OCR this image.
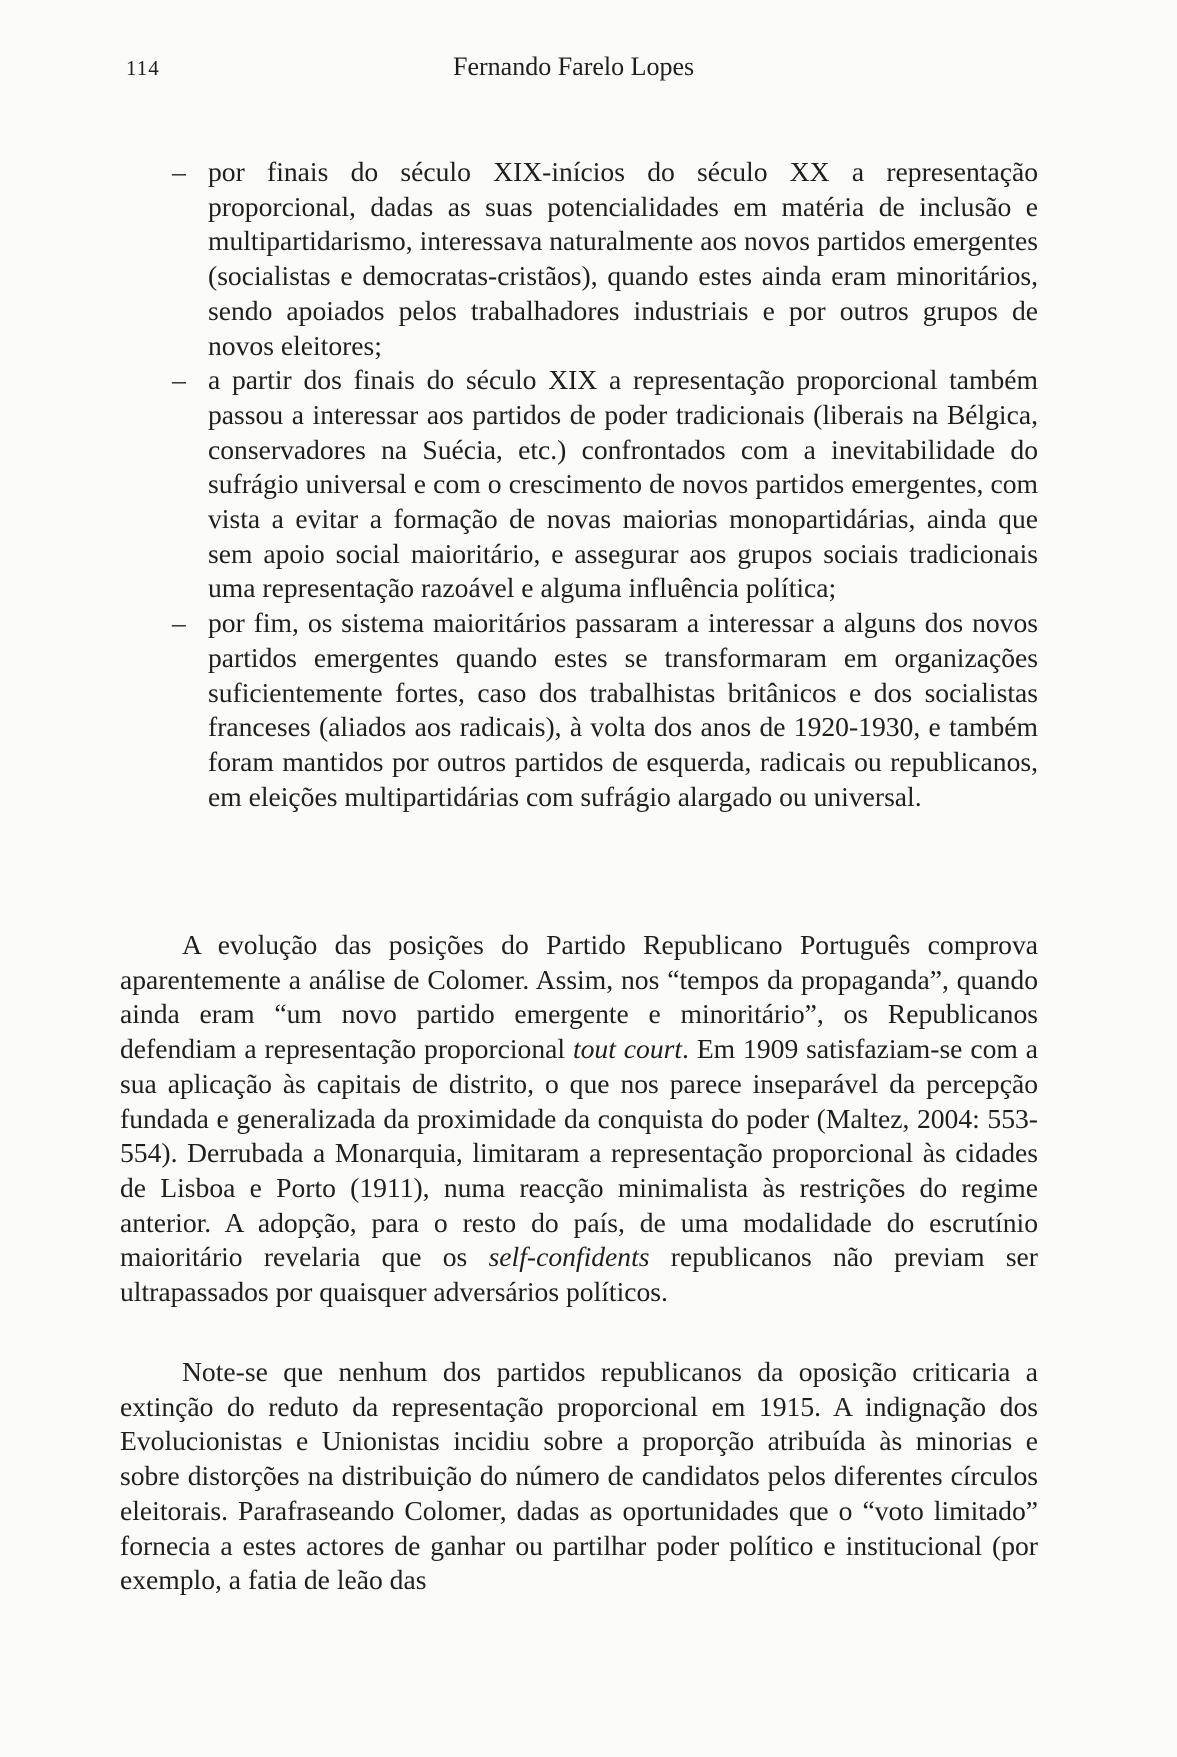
114	Fernando Farelo Lopes
– por finais do século XIX-inícios do século XX a representação proporcional, dadas as suas potencialidades em matéria de inclusão e multipartidarismo, interessava naturalmente aos novos partidos emergentes (socialistas e democratas-cristãos), quando estes ainda eram minoritários, sendo apoiados pelos trabalhadores industriais e por outros grupos de novos eleitores;
– a partir dos finais do século XIX a representação proporcional também passou a interessar aos partidos de poder tradicionais (liberais na Bélgica, conservadores na Suécia, etc.) confrontados com a inevitabilidade do sufrágio universal e com o crescimento de novos partidos emergentes, com vista a evitar a formação de novas maiorias monopartidárias, ainda que sem apoio social maioritário, e assegurar aos grupos sociais tradicionais uma representação razoável e alguma influência política;
– por fim, os sistema maioritários passaram a interessar a alguns dos novos partidos emergentes quando estes se transformaram em organizações suficientemente fortes, caso dos trabalhistas britânicos e dos socialistas franceses (aliados aos radicais), à volta dos anos de 1920-1930, e também foram mantidos por outros partidos de esquerda, radicais ou republicanos, em eleições multipartidárias com sufrágio alargado ou universal.
A evolução das posições do Partido Republicano Português comprova aparentemente a análise de Colomer. Assim, nos “tempos da propaganda”, quando ainda eram “um novo partido emergente e minoritário”, os Republicanos defendiam a representação proporcional tout court. Em 1909 satisfaziam-se com a sua aplicação às capitais de distrito, o que nos parece inseparável da percepção fundada e generalizada da proximidade da conquista do poder (Maltez, 2004: 553-554). Derrubada a Monarquia, limitaram a representação proporcional às cidades de Lisboa e Porto (1911), numa reacção minimalista às restrições do regime anterior. A adopção, para o resto do país, de uma modalidade do escrutínio maioritário revelaria que os self-confidents republicanos não previam ser ultrapassados por quaisquer adversários políticos.
Note-se que nenhum dos partidos republicanos da oposição criticaria a extinção do reduto da representação proporcional em 1915. A indignação dos Evolucionistas e Unionistas incidiu sobre a proporção atribuída às minorias e sobre distorções na distribuição do número de candidatos pelos diferentes círculos eleitorais. Parafraseando Colomer, dadas as oportunidades que o “voto limitado” fornecia a estes actores de ganhar ou partilhar poder político e institucional (por exemplo, a fatia de leão das
